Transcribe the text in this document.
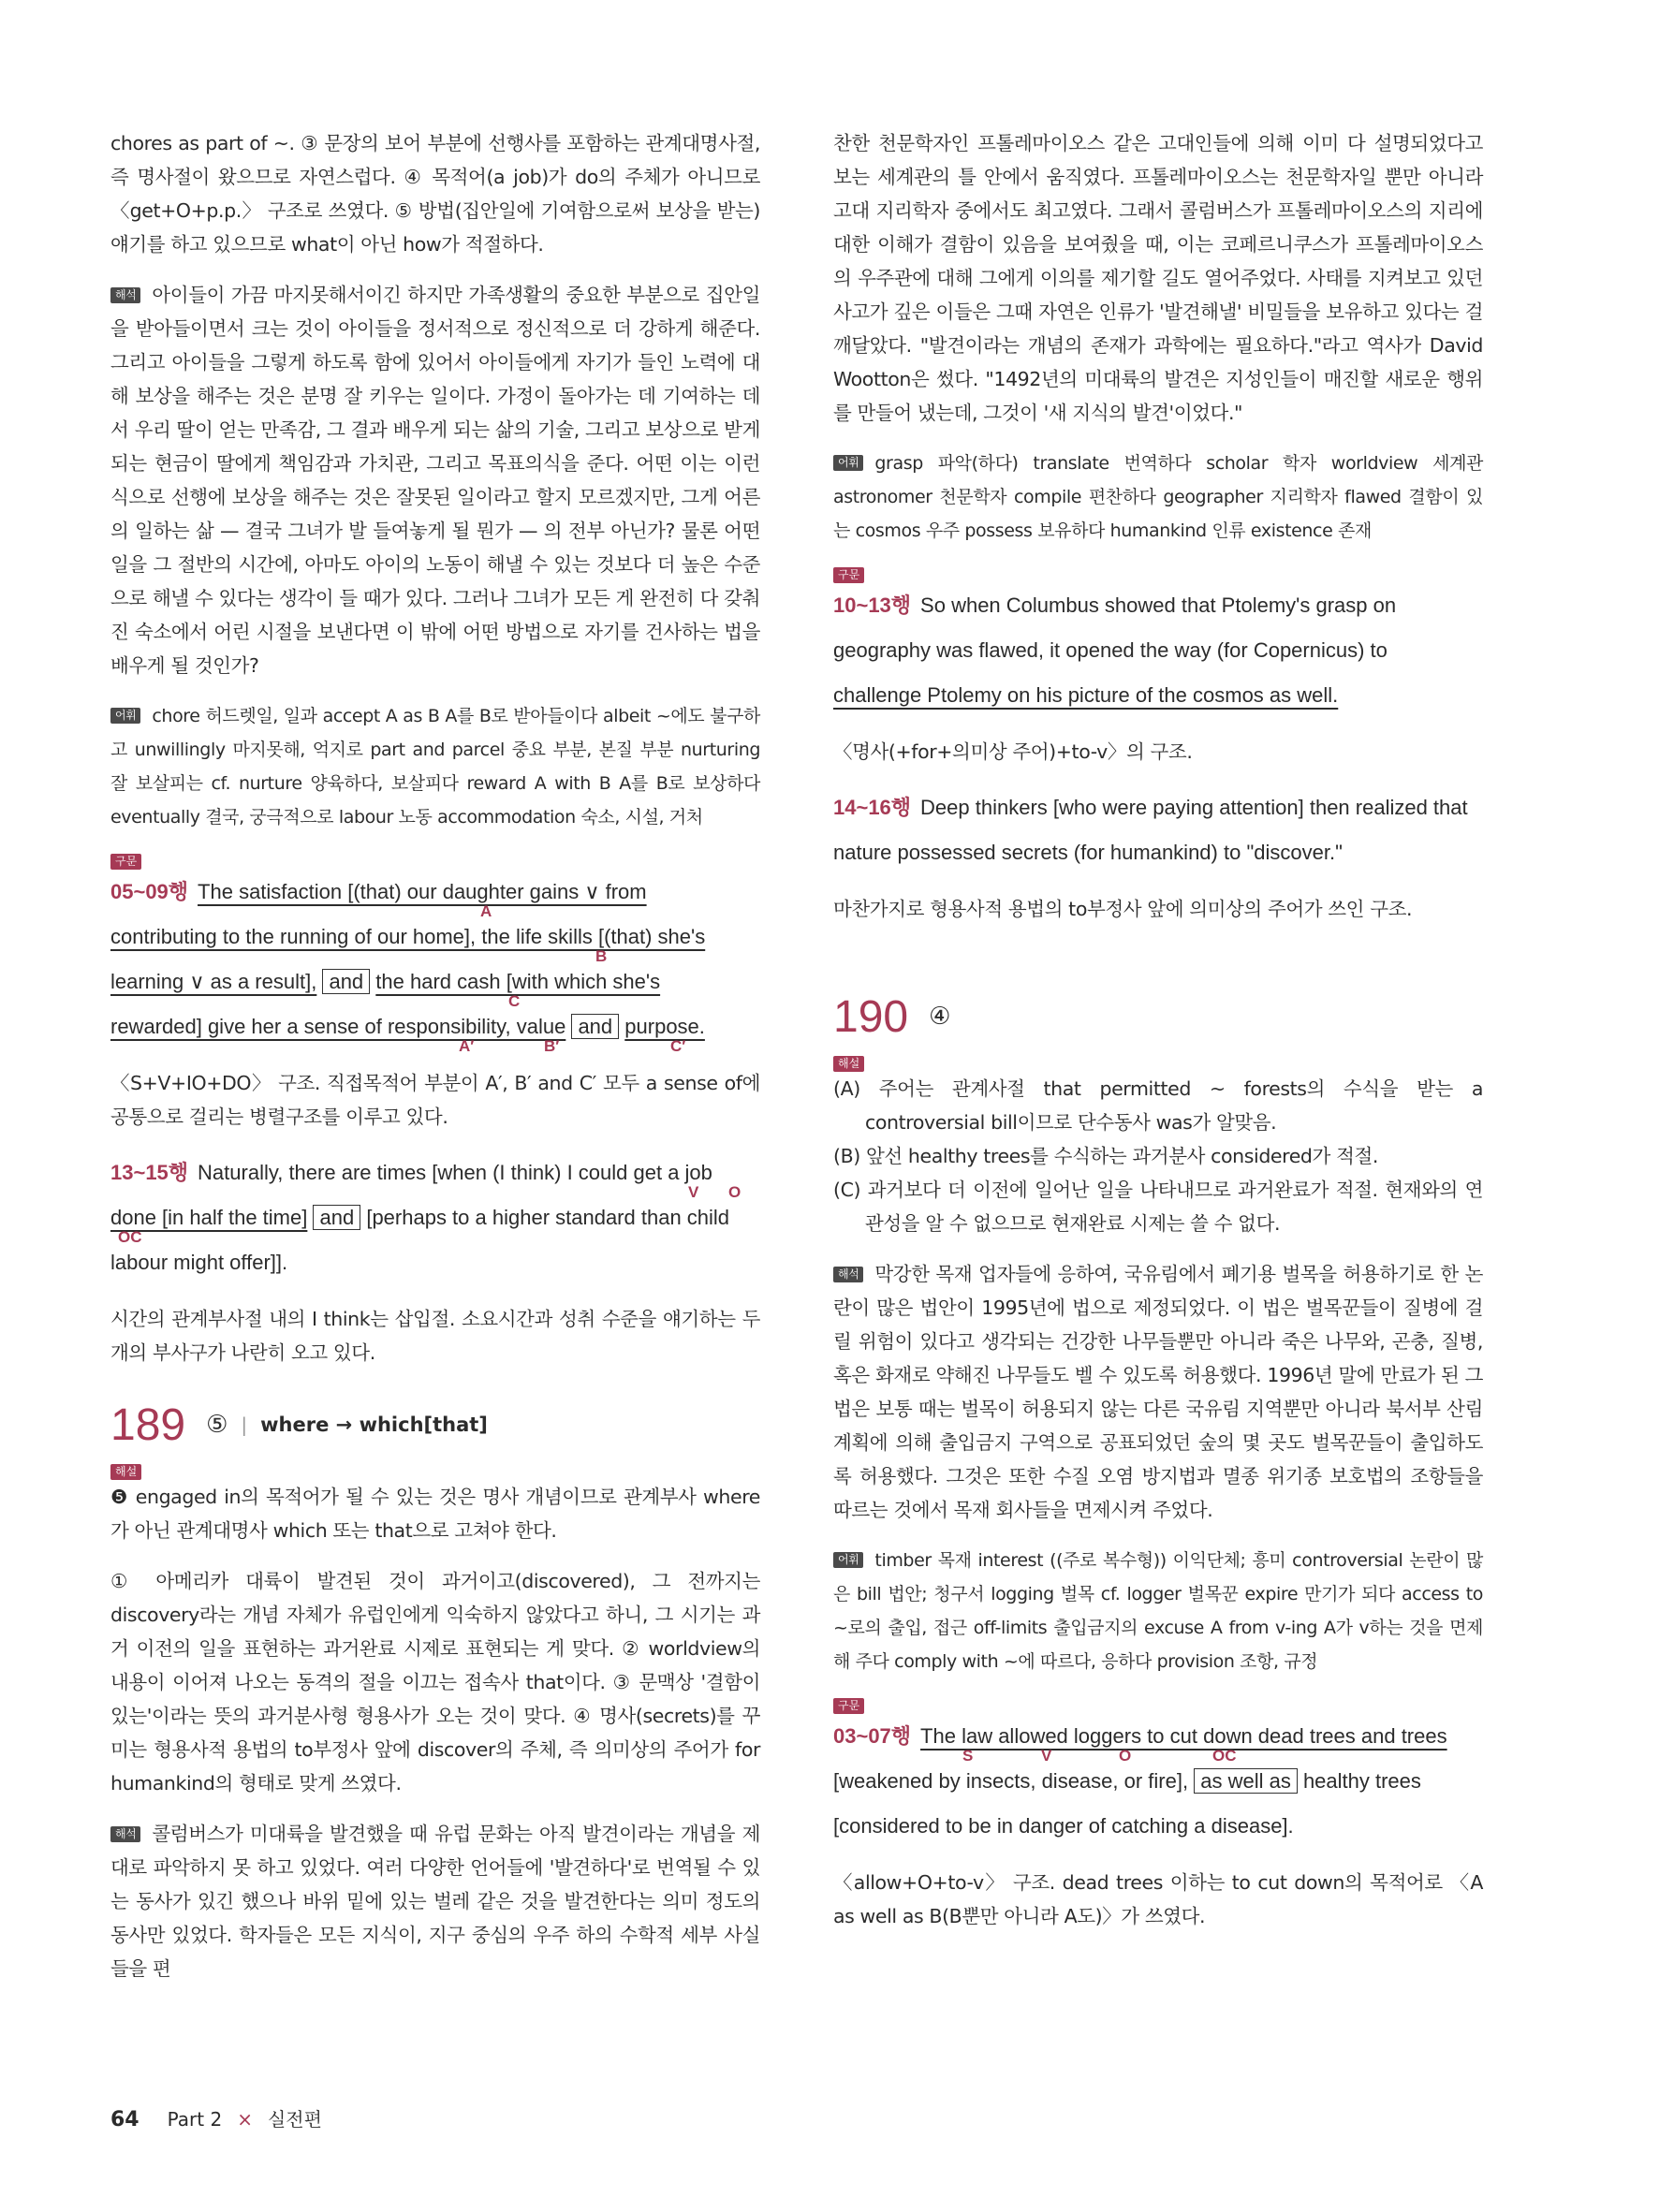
chores as part of ~. ③ 문장의 보어 부분에 선행사를 포함하는 관계대명사절, 즉 명사절이 왔으므로 자연스럽다. ④ 목적어(a job)가 do의 주체가 아니므로 〈get+O+p.p.〉 구조로 쓰였다. ⑤ 방법(집안일에 기여함으로써 보상을 받는) 얘기를 하고 있으므로 what이 아닌 how가 적절하다.

해석 아이들이 가끔 마지못해서이긴 하지만 가족생활의 중요한 부분으로 집안일을 받아들이면서 크는 것이 아이들을 정서적으로 정신적으로 더 강하게 해준다. 그리고 아이들을 그렇게 하도록 함에 있어서 아이들에게 자기가 들인 노력에 대해 보상을 해주는 것은 분명 잘 키우는 일이다. 가정이 돌아가는 데 기여하는 데서 우리 딸이 얻는 만족감, 그 결과 배우게 되는 삶의 기술, 그리고 보상으로 받게 되는 현금이 딸에게 책임감과 가치관, 그리고 목표의식을 준다. 어떤 이는 이런 식으로 선행에 보상을 해주는 것은 잘못된 일이라고 할지 모르겠지만, 그게 어른의 일하는 삶 — 결국 그녀가 발 들여놓게 될 뭔가 — 의 전부 아닌가? 물론 어떤 일을 그 절반의 시간에, 아마도 아이의 노동이 해낼 수 있는 것보다 더 높은 수준으로 해낼 수 있다는 생각이 들 때가 있다. 그러나 그녀가 모든 게 완전히 다 갖춰진 숙소에서 어린 시절을 보낸다면 이 밖에 어떤 방법으로 자기를 건사하는 법을 배우게 될 것인가?

어휘 chore 허드렛일, 일과 accept A as B A를 B로 받아들이다 albeit ~에도 불구하고 unwillingly 마지못해, 억지로 part and parcel 중요 부분, 본질 부분 nurturing 잘 보살피는 cf. nurture 양육하다, 보살피다 reward A with B A를 B로 보상하다 eventually 결국, 궁극적으로 labour 노동 accommodation 숙소, 시설, 거처

구문
05~09행 The satisfaction [(that) our daughter gains ∨ from
A
contributing to the running of our home], the life skills [(that) she's
B
learning ∨ as a result], and the hard cash [with which she's
C
rewarded] give her a sense of responsibility, value and purpose.
A′	B′	C′

〈S+V+IO+DO〉 구조. 직접목적어 부분이 A′, B′ and C′ 모두 a sense of에 공통으로 걸리는 병렬구조를 이루고 있다.

13~15행 Naturally, there are times [when (I think) I could get a job
V O
done [in half the time] and [perhaps to a higher standard than child
OC
labour might offer]].

시간의 관계부사절 내의 I think는 삽입절. 소요시간과 성취 수준을 얘기하는 두 개의 부사구가 나란히 오고 있다.

189 ⑤ | where → which[that]
해설

❺ engaged in의 목적어가 될 수 있는 것은 명사 개념이므로 관계부사 where가 아닌 관계대명사 which 또는 that으로 고쳐야 한다.

① 아메리카 대륙이 발견된 것이 과거이고(discovered), 그 전까지는 discovery라는 개념 자체가 유럽인에게 익숙하지 않았다고 하니, 그 시기는 과거 이전의 일을 표현하는 과거완료 시제로 표현되는 게 맞다. ② worldview의 내용이 이어져 나오는 동격의 절을 이끄는 접속사 that이다. ③ 문맥상 '결함이 있는'이라는 뜻의 과거분사형 형용사가 오는 것이 맞다. ④ 명사(secrets)를 꾸미는 형용사적 용법의 to부정사 앞에 discover의 주체, 즉 의미상의 주어가 for humankind의 형태로 맞게 쓰였다.

해석 콜럼버스가 미대륙을 발견했을 때 유럽 문화는 아직 발견이라는 개념을 제대로 파악하지 못 하고 있었다. 여러 다양한 언어들에 '발견하다'로 번역될 수 있는 동사가 있긴 했으나 바위 밑에 있는 벌레 같은 것을 발견한다는 의미 정도의 동사만 있었다. 학자들은 모든 지식이, 지구 중심의 우주 하의 수학적 세부 사실들을 편

찬한 천문학자인 프톨레마이오스 같은 고대인들에 의해 이미 다 설명되었다고 보는 세계관의 틀 안에서 움직였다. 프톨레마이오스는 천문학자일 뿐만 아니라 고대 지리학자 중에서도 최고였다. 그래서 콜럼버스가 프톨레마이오스의 지리에 대한 이해가 결함이 있음을 보여줬을 때, 이는 코페르니쿠스가 프톨레마이오스의 우주관에 대해 그에게 이의를 제기할 길도 열어주었다. 사태를 지켜보고 있던 사고가 깊은 이들은 그때 자연은 인류가 '발견해낼' 비밀들을 보유하고 있다는 걸 깨달았다. "발견이라는 개념의 존재가 과학에는 필요하다."라고 역사가 David Wootton은 썼다. "1492년의 미대륙의 발견은 지성인들이 매진할 새로운 행위를 만들어 냈는데, 그것이 '새 지식의 발견'이었다."

어휘 grasp 파악(하다) translate 번역하다 scholar 학자 worldview 세계관 astronomer 천문학자 compile 편찬하다 geographer 지리학자 flawed 결함이 있는 cosmos 우주 possess 보유하다 humankind 인류 existence 존재

구문
10~13행 So when Columbus showed that Ptolemy's grasp on
geography was flawed, it opened the way (for Copernicus) to
challenge Ptolemy on his picture of the cosmos as well.

〈명사(+for+의미상 주어)+to-v〉의 구조.

14~16행 Deep thinkers [who were paying attention] then realized that
nature possessed secrets (for humankind) to "discover."

마찬가지로 형용사적 용법의 to부정사 앞에 의미상의 주어가 쓰인 구조.

190 ④
해설

(A) 주어는 관계사절 that permitted ~ forests의 수식을 받는 a controversial bill이므로 단수동사 was가 알맞음.

(B) 앞선 healthy trees를 수식하는 과거분사 considered가 적절.

(C) 과거보다 더 이전에 일어난 일을 나타내므로 과거완료가 적절. 현재와의 연관성을 알 수 없으므로 현재완료 시제는 쓸 수 없다.

해석 막강한 목재 업자들에 응하여, 국유림에서 폐기용 벌목을 허용하기로 한 논란이 많은 법안이 1995년에 법으로 제정되었다. 이 법은 벌목꾼들이 질병에 걸릴 위험이 있다고 생각되는 건강한 나무들뿐만 아니라 죽은 나무와, 곤충, 질병, 혹은 화재로 약해진 나무들도 벨 수 있도록 허용했다. 1996년 말에 만료가 된 그 법은 보통 때는 벌목이 허용되지 않는 다른 국유림 지역뿐만 아니라 북서부 산림계획에 의해 출입금지 구역으로 공표되었던 숲의 몇 곳도 벌목꾼들이 출입하도록 허용했다. 그것은 또한 수질 오염 방지법과 멸종 위기종 보호법의 조항들을 따르는 것에서 목재 회사들을 면제시켜 주었다.

어휘 timber 목재 interest ((주로 복수형)) 이익단체; 흥미 controversial 논란이 많은 bill 법안; 청구서 logging 벌목 cf. logger 벌목꾼 expire 만기가 되다 access to ~로의 출입, 접근 off-limits 출입금지의 excuse A from v-ing A가 v하는 것을 면제해 주다 comply with ~에 따르다, 응하다 provision 조항, 규정

구문
03~07행 The law allowed loggers to cut down dead trees and trees
S	V	O	OC
[weakened by insects, disease, or fire], as well as healthy trees
[considered to be in danger of catching a disease].

〈allow+O+to-v〉 구조. dead trees 이하는 to cut down의 목적어로 〈A as well as B(B뿐만 아니라 A도)〉가 쓰였다.

64 Part 2 × 실전편
